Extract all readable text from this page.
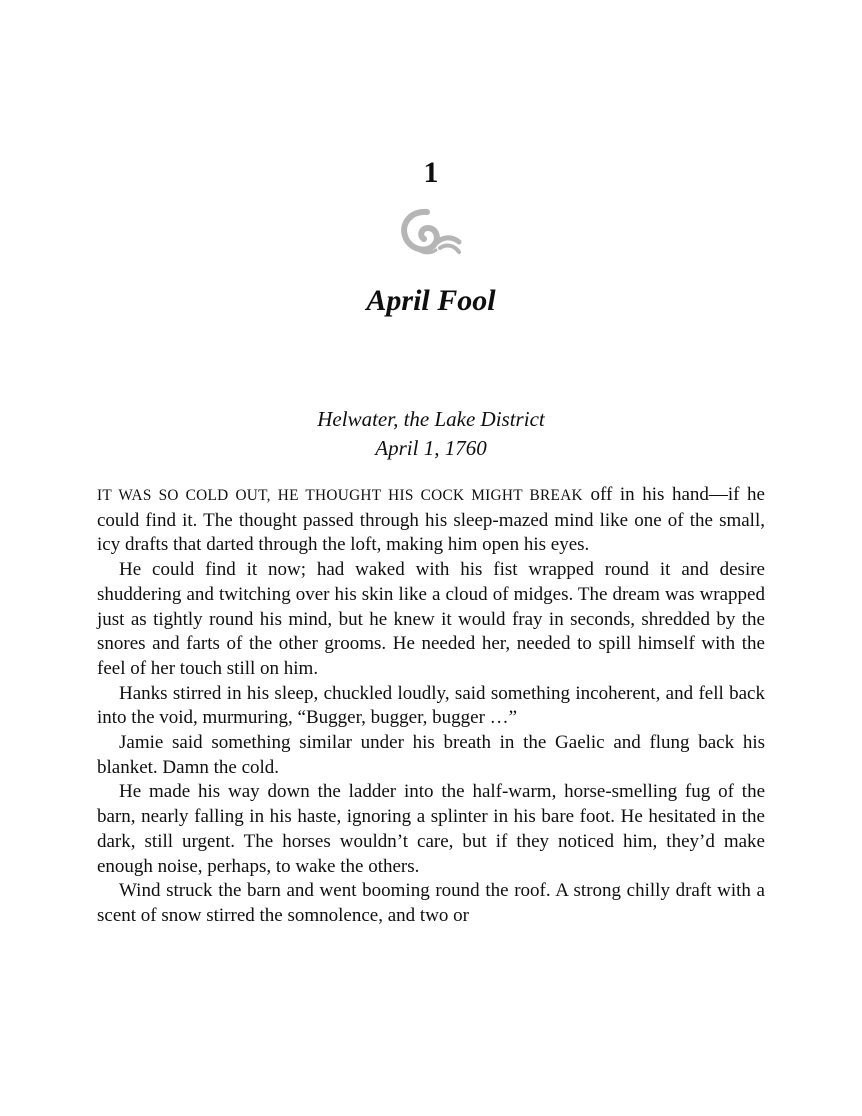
1
April Fool
Helwater, the Lake District
April 1, 1760

IT WAS SO COLD OUT, HE THOUGHT HIS COCK MIGHT BREAK off in his hand—if he could find it. The thought passed through his sleep-mazed mind like one of the small, icy drafts that darted through the loft, making him open his eyes.

He could find it now; had waked with his fist wrapped round it and desire shuddering and twitching over his skin like a cloud of midges. The dream was wrapped just as tightly round his mind, but he knew it would fray in seconds, shredded by the snores and farts of the other grooms. He needed her, needed to spill himself with the feel of her touch still on him.

Hanks stirred in his sleep, chuckled loudly, said something incoherent, and fell back into the void, murmuring, “Bugger, bugger, bugger …”

Jamie said something similar under his breath in the Gaelic and flung back his blanket. Damn the cold.

He made his way down the ladder into the half-warm, horse-smelling fug of the barn, nearly falling in his haste, ignoring a splinter in his bare foot. He hesitated in the dark, still urgent. The horses wouldn’t care, but if they noticed him, they’d make enough noise, perhaps, to wake the others.

Wind struck the barn and went booming round the roof. A strong chilly draft with a scent of snow stirred the somnolence, and two or
